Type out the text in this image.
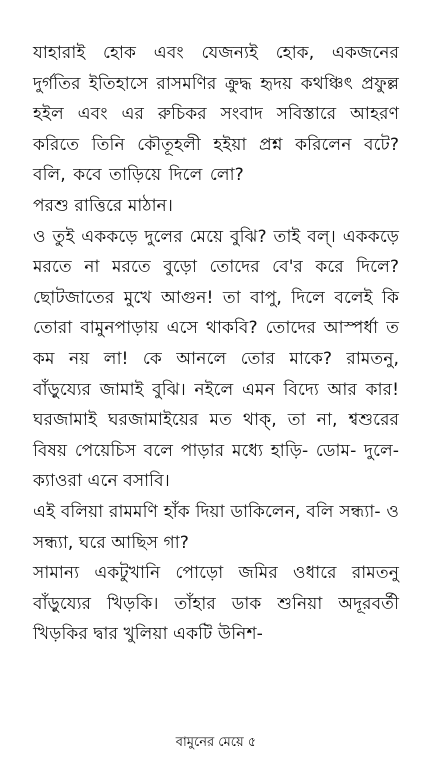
যাহারাই হোক এবং যেজন্যই হোক, একজনের দুর্গতির ইতিহাসে রাসমণির ক্রুদ্ধ হৃদয় কথঞ্চিৎ প্রফুল্ল হইল এবং এর রুচিকর সংবাদ সবিস্তারে আহরণ করিতে তিনি কৌতূহলী হইয়া প্রশ্ন করিলেন বটে? বলি, কবে তাড়িয়ে দিলে লো?

পরশু রাত্তিরে মাঠান।

ও তুই এককড়ে দুলের মেয়ে বুঝি? তাই বল্। এককড়ে মরতে না মরতে বুড়ো তোদের বে'র করে দিলে? ছোটজাতের মুখে আগুন! তা বাপু, দিলে বলেই কি তোরা বামুনপাড়ায় এসে থাকবি? তোদের আস্পর্ধা ত কম নয় লা! কে আনলে তোর মাকে? রামতনু, বাঁড়ুয্যের জামাই বুঝি। নইলে এমন বিদ্যে আর কার! ঘরজামাই ঘরজামাইয়ের মত থাক্, তা না, শ্বশুরের বিষয় পেয়েচিস বলে পাড়ার মধ্যে হাড়ি- ডোম- দুলে- ক্যাওরা এনে বসাবি।

এই বলিয়া রামমণি হাঁক দিয়া ডাকিলেন, বলি সন্ধ্যা- ও সন্ধ্যা, ঘরে আছিস গা?

সামান্য একটুখানি পোড়ো জমির ওধারে রামতনু বাঁড়ুয্যের খিড়কি। তাঁহার ডাক শুনিয়া অদূরবর্তী খিড়কির দ্বার খুলিয়া একটি উনিশ-

বামুনের মেয়ে ৫
